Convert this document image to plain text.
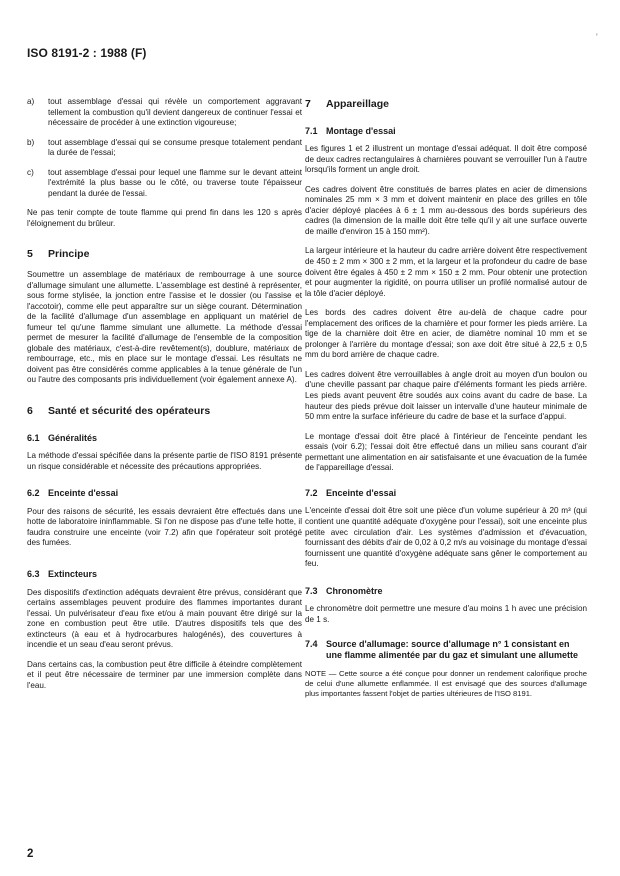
ISO 8191-2 : 1988 (F)
'
a)	tout assemblage d'essai qui révèle un comportement aggravant tellement la combustion qu'il devient dangereux de continuer l'essai et nécessaire de procéder à une extinction vigoureuse;
b)	tout assemblage d'essai qui se consume presque totalement pendant la durée de l'essai;
c)	tout assemblage d'essai pour lequel une flamme sur le devant atteint l'extrémité la plus basse ou le côté, ou traverse toute l'épaisseur pendant la durée de l'essai.

Ne pas tenir compte de toute flamme qui prend fin dans les 120 s après l'éloignement du brûleur.

5	Principe

Soumettre un assemblage de matériaux de rembourrage à une source d'allumage simulant une allumette. L'assemblage est destiné à représenter, sous forme stylisée, la jonction entre l'assise et le dossier (ou l'assise et l'accotoir), comme elle peut apparaître sur un siège courant. Détermination de la facilité d'allumage d'un assemblage en appliquant un matériel de fumeur tel qu'une flamme simulant une allumette. La méthode d'essai permet de mesurer la facilité d'allumage de l'ensemble de la composition globale des matériaux, c'est-à-dire revêtement(s), doublure, matériaux de rembourrage, etc., mis en place sur le montage d'essai. Les résultats ne doivent pas être considérés comme applicables à la tenue générale de l'un ou l'autre des composants pris individuellement (voir également annexe A).

6	Santé et sécurité des opérateurs
6.1 Généralités

La méthode d'essai spécifiée dans la présente partie de l'ISO 8191 présente un risque considérable et nécessite des précautions appropriées.

6.2 Enceinte d'essai

Pour des raisons de sécurité, les essais devraient être effectués dans une hotte de laboratoire ininflammable. Si l'on ne dispose pas d'une telle hotte, il faudra construire une enceinte (voir 7.2) afin que l'opérateur soit protégé des fumées.

6.3 Extincteurs

Des dispositifs d'extinction adéquats devraient être prévus, considérant que certains assemblages peuvent produire des flammes importantes durant l'essai. Un pulvérisateur d'eau fixe et/ou à main pouvant être dirigé sur la zone en combustion peut être utile. D'autres dispositifs tels que des extincteurs (à eau et à hydrocarbures halogénés), des couvertures à incendie et un seau d'eau seront prévus.

Dans certains cas, la combustion peut être difficile à éteindre complètement et il peut être nécessaire de terminer par une immersion complète dans l'eau.

7	Appareillage
7.1 Montage d'essai

Les figures 1 et 2 illustrent un montage d'essai adéquat. Il doit être composé de deux cadres rectangulaires à charnières pouvant se verrouiller l'un à l'autre lorsqu'ils forment un angle droit.

Ces cadres doivent être constitués de barres plates en acier de dimensions nominales 25 mm × 3 mm et doivent maintenir en place des grilles en tôle d'acier déployé placées à 6 ± 1 mm au-dessous des bords supérieurs des cadres (la dimension de la maille doit être telle qu'il y ait une surface ouverte de maille d'environ 15 à 150 mm²).

La largeur intérieure et la hauteur du cadre arrière doivent être respectivement de 450 ± 2 mm × 300 ± 2 mm, et la largeur et la profondeur du cadre de base doivent être égales à 450 ± 2 mm × 150 ± 2 mm. Pour obtenir une protection et pour augmenter la rigidité, on pourra utiliser un profilé normalisé autour de la tôle d'acier déployé.

Les bords des cadres doivent être au-delà de chaque cadre pour l'emplacement des orifices de la charnière et pour former les pieds arrière. La tige de la charnière doit être en acier, de diamètre nominal 10 mm et se prolonger à l'arrière du montage d'essai; son axe doit être situé à 22,5 ± 0,5 mm du bord arrière de chaque cadre.

Les cadres doivent être verrouillables à angle droit au moyen d'un boulon ou d'une cheville passant par chaque paire d'éléments formant les pieds arrière. Les pieds avant peuvent être soudés aux coins avant du cadre de base. La hauteur des pieds prévue doit laisser un intervalle d'une hauteur minimale de 50 mm entre la surface inférieure du cadre de base et la surface d'appui.

Le montage d'essai doit être placé à l'intérieur de l'enceinte pendant les essais (voir 6.2); l'essai doit être effectué dans un milieu sans courant d'air permettant une alimentation en air satisfaisante et une évacuation de la fumée de l'appareillage d'essai.

7.2 Enceinte d'essai

L'enceinte d'essai doit être soit une pièce d'un volume supérieur à 20 m³ (qui contient une quantité adéquate d'oxygène pour l'essai), soit une enceinte plus petite avec circulation d'air. Les systèmes d'admission et d'évacuation, fournissant des débits d'air de 0,02 à 0,2 m/s au voisinage du montage d'essai fournissent une quantité d'oxygène adéquate sans gêner le comportement au feu.

7.3 Chronomètre

Le chronomètre doit permettre une mesure d'au moins 1 h avec une précision de 1 s.

7.4 Source d'allumage: source d'allumage n° 1 consistant en une flamme alimentée par du gaz et simulant une allumette

NOTE — Cette source a été conçue pour donner un rendement calorifique proche de celui d'une allumette enflammée. Il est envisagé que des sources d'allumage plus importantes fassent l'objet de parties ultérieures de l'ISO 8191.

2
